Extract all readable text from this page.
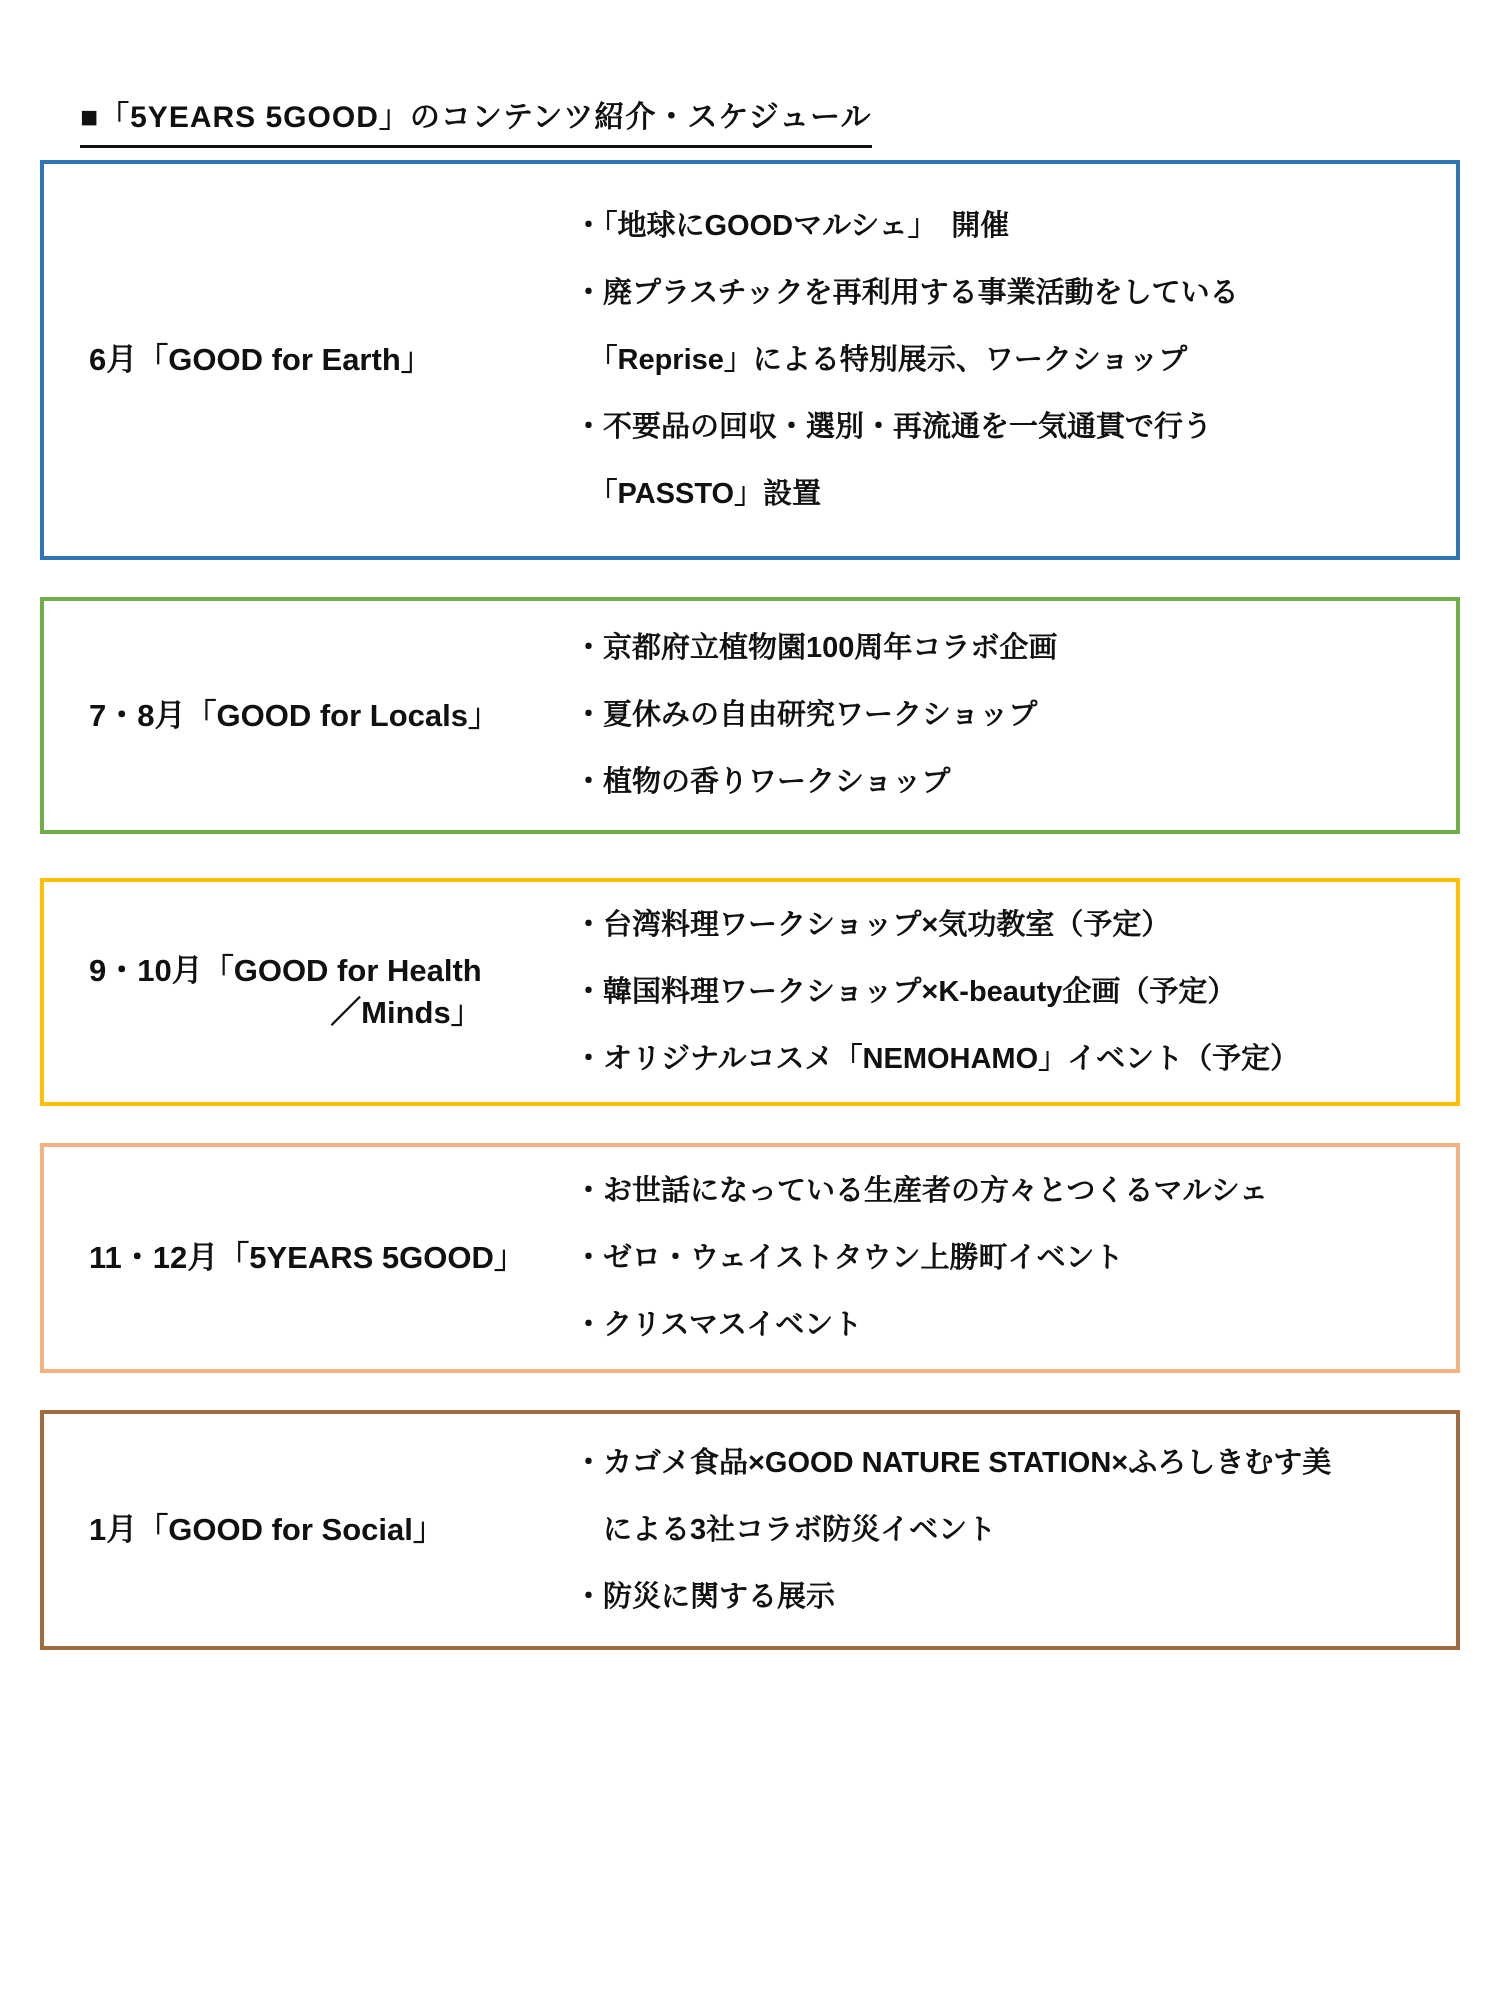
■「5YEARS 5GOOD」のコンテンツ紹介・スケジュール
6月「GOOD for Earth」
・「地球にGOODマルシェ」　開催
・廃プラスチックを再利用する事業活動をしている
　「Reprise」による特別展示、ワークショップ
・不要品の回収・選別・再流通を一気通貫で行う
　「PASSTO」設置
7・8月「GOOD for Locals」
・京都府立植物園100周年コラボ企画
・夏休みの自由研究ワークショップ
・植物の香りワークショップ
9・10月「GOOD for Health
／Minds」
・台湾料理ワークショップ×気功教室（予定）
・韓国料理ワークショップ×K-beauty企画（予定）
・オリジナルコスメ「NEMOHAMO」イベント（予定）
11・12月「5YEARS 5GOOD」
・お世話になっている生産者の方々とつくるマルシェ
・ゼロ・ウェイストタウン上勝町イベント
・クリスマスイベント
1月「GOOD for Social」
・カゴメ食品×GOOD NATURE STATION×ふろしきむす美
　による3社コラボ防災イベント
・防災に関する展示
